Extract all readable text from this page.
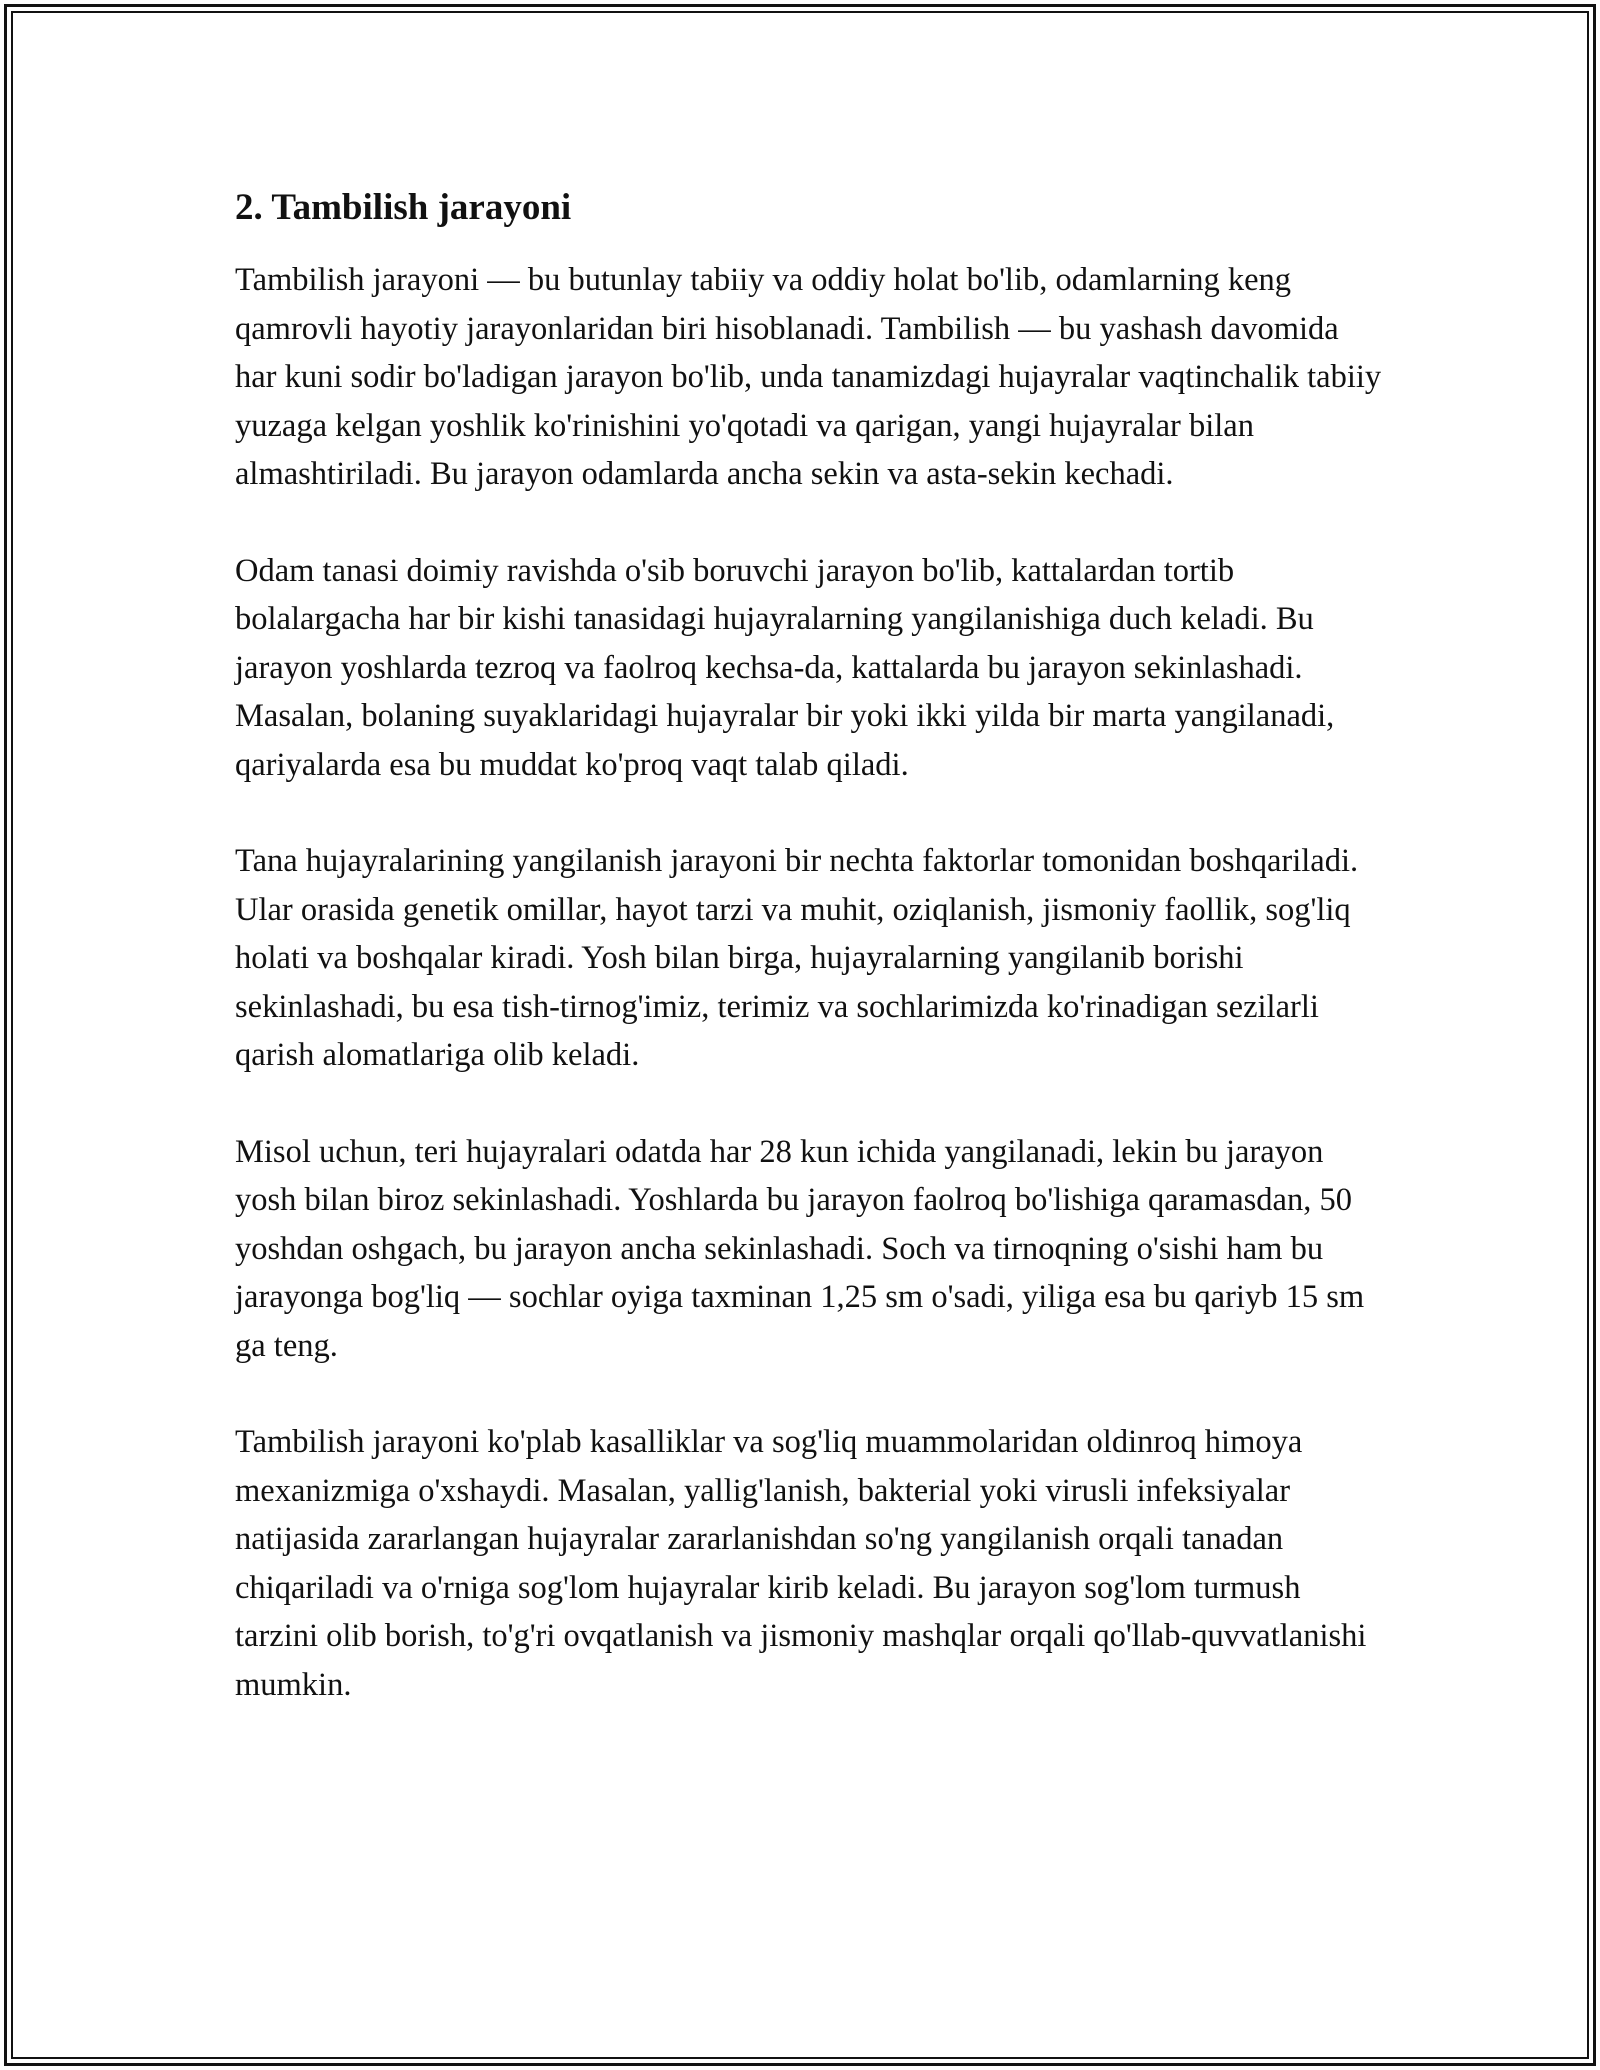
2. Tambilish jarayoni

Tambilish jarayoni — bu butunlay tabiiy va oddiy holat bo'lib, odamlarning keng qamrovli hayotiy jarayonlaridan biri hisoblanadi. Tambilish — bu yashash davomida har kuni sodir bo'ladigan jarayon bo'lib, unda tanamizdagi hujayralar vaqtinchalik tabiiy yuzaga kelgan yoshlik ko'rinishini yo'qotadi va qarigan, yangi hujayralar bilan almashtiriladi. Bu jarayon odamlarda ancha sekin va asta-sekin kechadi.

Odam tanasi doimiy ravishda o'sib boruvchi jarayon bo'lib, kattalardan tortib bolalargacha har bir kishi tanasidagi hujayralarning yangilanishiga duch keladi. Bu jarayon yoshlarda tezroq va faolroq kechsa-da, kattalarda bu jarayon sekinlashadi. Masalan, bolaning suyaklaridagi hujayralar bir yoki ikki yilda bir marta yangilanadi, qariyalarda esa bu muddat ko'proq vaqt talab qiladi.

Tana hujayralarining yangilanish jarayoni bir nechta faktorlar tomonidan boshqariladi. Ular orasida genetik omillar, hayot tarzi va muhit, oziqlanish, jismoniy faollik, sog'liq holati va boshqalar kiradi. Yosh bilan birga, hujayralarning yangilanib borishi sekinlashadi, bu esa tish-tirnog'imiz, terimiz va sochlarimizda ko'rinadigan sezilarli qarish alomatlariga olib keladi.

Misol uchun, teri hujayralari odatda har 28 kun ichida yangilanadi, lekin bu jarayon yosh bilan biroz sekinlashadi. Yoshlarda bu jarayon faolroq bo'lishiga qaramasdan, 50 yoshdan oshgach, bu jarayon ancha sekinlashadi. Soch va tirnoqning o'sishi ham bu jarayonga bog'liq — sochlar oyiga taxminan 1,25 sm o'sadi, yiliga esa bu qariyb 15 sm ga teng.

Tambilish jarayoni ko'plab kasalliklar va sog'liq muammolaridan oldinroq himoya mexanizmiga o'xshaydi. Masalan, yallig'lanish, bakterial yoki virusli infeksiyalar natijasida zararlangan hujayralar zararlanishdan so'ng yangilanish orqali tanadan chiqariladi va o'rniga sog'lom hujayralar kirib keladi. Bu jarayon sog'lom turmush tarzini olib borish, to'g'ri ovqatlanish va jismoniy mashqlar orqali qo'llab-quvvatlanishi mumkin.
